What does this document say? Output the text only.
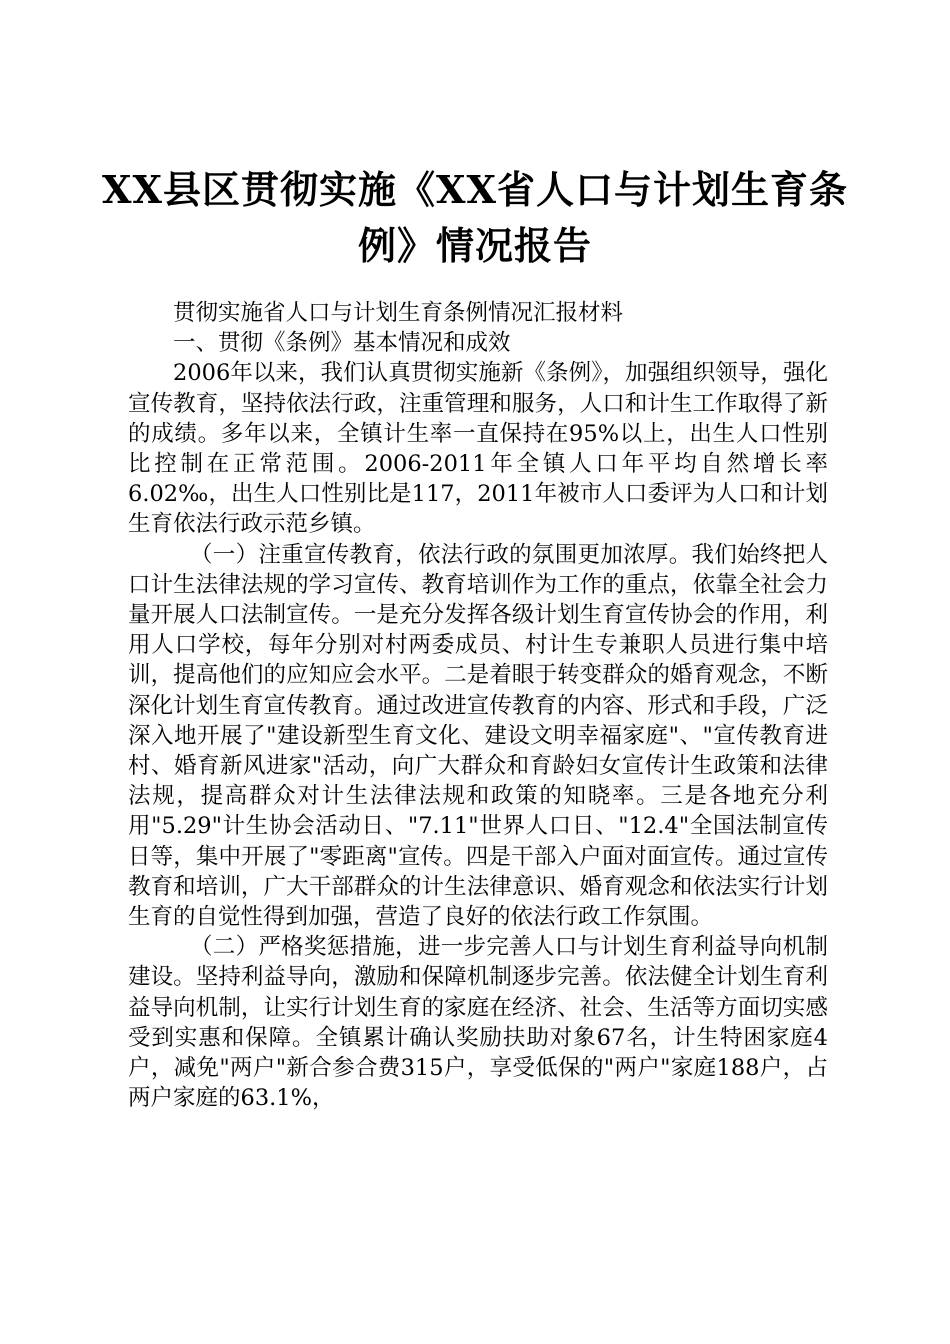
XX县区贯彻实施《XX省人口与计划生育条
例》情况报告

贯彻实施省人口与计划生育条例情况汇报材料

一、贯彻《条例》基本情况和成效

2006年以来，我们认真贯彻实施新《条例》，加强组织领导，强化宣传教育，坚持依法行政，注重管理和服务，人口和计生工作取得了新的成绩。多年以来，全镇计生率一直保持在95%以上，出生人口性别比控制在正常范围。2006-2011年全镇人口年平均自然增长率6.02‰，出生人口性别比是117，2011年被市人口委评为人口和计划生育依法行政示范乡镇。

（一）注重宣传教育，依法行政的氛围更加浓厚。我们始终把人口计生法律法规的学习宣传、教育培训作为工作的重点，依靠全社会力量开展人口法制宣传。一是充分发挥各级计划生育宣传协会的作用，利用人口学校，每年分别对村两委成员、村计生专兼职人员进行集中培训，提高他们的应知应会水平。二是着眼于转变群众的婚育观念，不断深化计划生育宣传教育。通过改进宣传教育的内容、形式和手段，广泛深入地开展了"建设新型生育文化、建设文明幸福家庭"、"宣传教育进村、婚育新风进家"活动，向广大群众和育龄妇女宣传计生政策和法律法规，提高群众对计生法律法规和政策的知晓率。三是各地充分利用"5.29"计生协会活动日、"7.11"世界人口日、"12.4"全国法制宣传日等，集中开展了"零距离"宣传。四是干部入户面对面宣传。通过宣传教育和培训，广大干部群众的计生法律意识、婚育观念和依法实行计划生育的自觉性得到加强，营造了良好的依法行政工作氛围。

（二）严格奖惩措施，进一步完善人口与计划生育利益导向机制建设。坚持利益导向，激励和保障机制逐步完善。依法健全计划生育利益导向机制，让实行计划生育的家庭在经济、社会、生活等方面切实感受到实惠和保障。全镇累计确认奖励扶助对象67名，计生特困家庭4户，减免"两户"新合参合费315户，享受低保的"两户"家庭188户，占两户家庭的63.1%，
